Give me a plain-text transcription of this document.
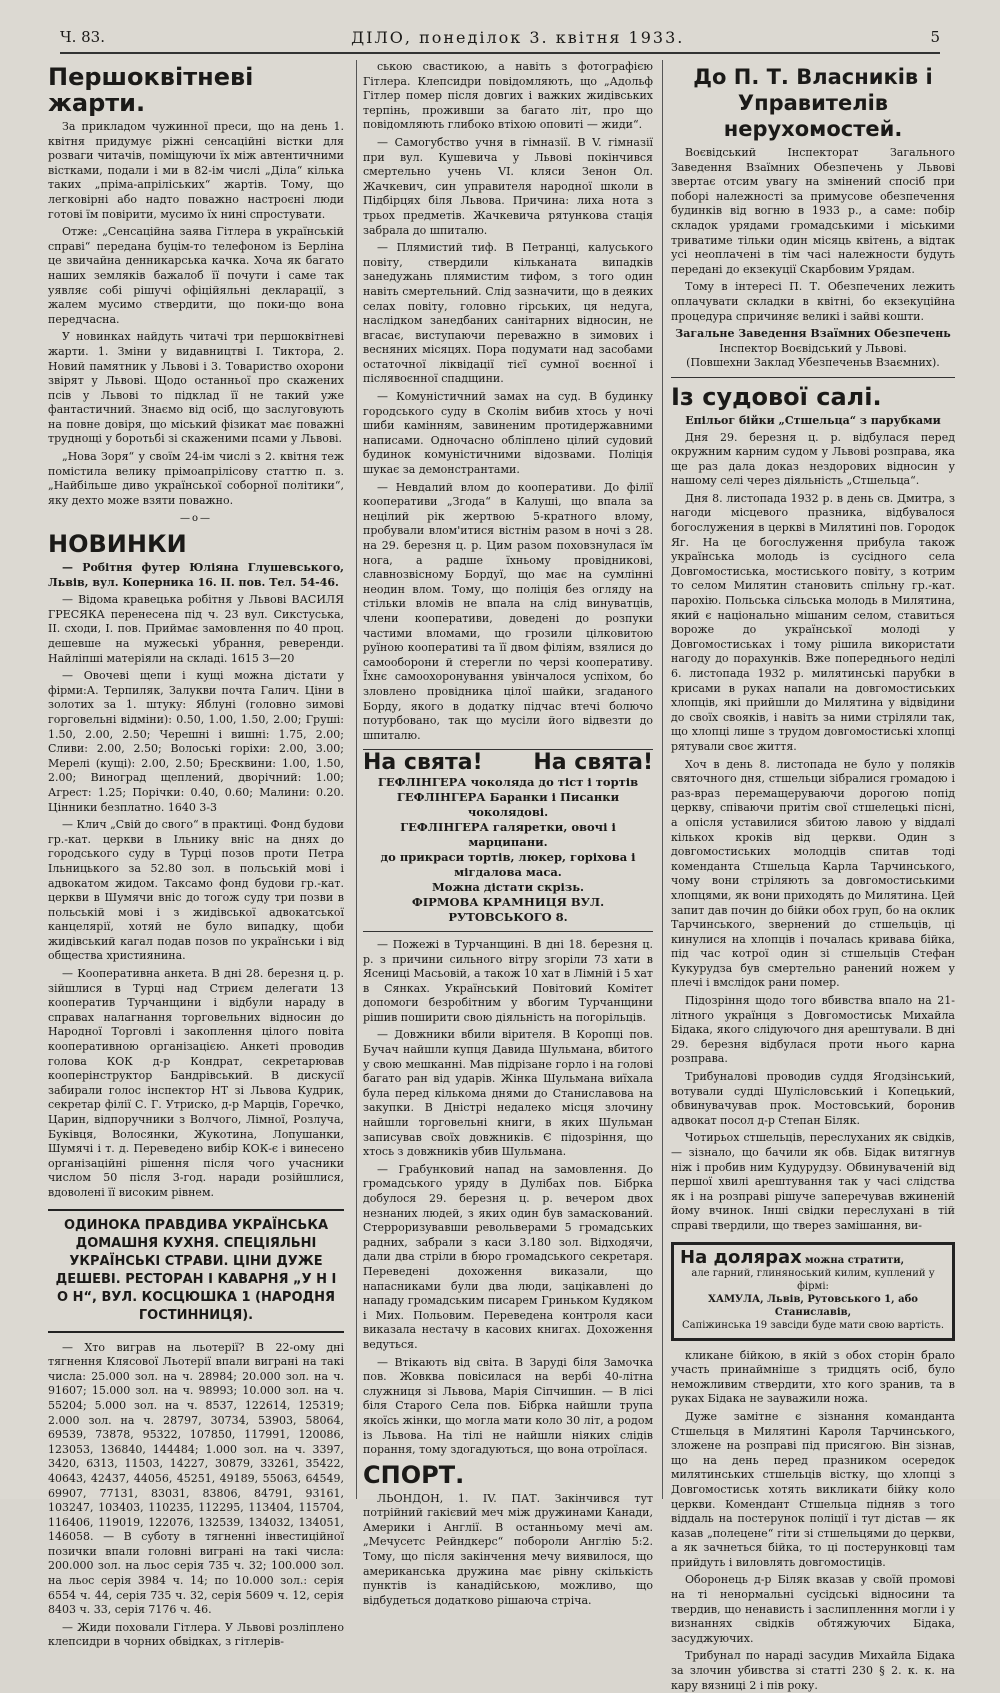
Ч. 83.	ДІЛО, понеділок 3. квітня 1933.	5
Першоквітневі жарти.

За прикладом чужинної преси, що на день 1. квітня придумує ріжні сенсаційні вістки для розваги читачів, поміщуючи їх між автентичними вістками, подали і ми в 82-ім числі „Діла“ кілька таких „пріма-апріліських“ жартів. Тому, що легковірні або надто поважно настроєні люди готові їм повірити, мусимо їх нині спростувати.

Отже: „Сенсаційна заява Гітлера в українській справі“ передана буцім-то телефоном із Берліна це звичайна денникарська качка. Хоча як багато наших земляків бажалоб її почути і саме так уявляє собі рішучі офіційяльні декларації, з жалем мусимо ствердити, що поки-що вона передчасна.

У новинках найдуть читачі три першоквітневі жарти. 1. Зміни у видавництві І. Тиктора, 2. Новий памятник у Львові і 3. Товариство охорони звірят у Львові. Щодо останньої про скажених псів у Львові то підклад її не такий уже фантастичний. Знаємо від осіб, що заслуговують на повне довіря, що міський фізикат має поважні труднощі у боротьбі зі скаженими псами у Львові.

„Нова Зоря“ у своїм 24-ім числі з 2. квітня теж помістила велику прімоапрілісову статтю п. з. „Найбільше диво української соборної політики“, яку дехто може взяти поважно.

—o—
НОВИНКИ

— Робітня футер Юліяна Глушевського, Львів, вул. Коперника 16. II. пов. Тел. 54-46.

— Відома кравецька робітня у Львові ВАСИЛЯ ГРЕСЯКА перенесена під ч. 23 вул. Сикстуська, ІІ. сходи, І. пов. Приймає замовлення по 40 проц. дешевше на мужеські убрання, реверенди. Найліпші матеріяли на складі. 1615 3—20

— Овочеві щепи і кущі можна дістати у фірми:А. Терпиляк, Залукви почта Галич. Ціни в золотих за 1. штуку: Яблуні (головно зимові горговельні відміни): 0.50, 1.00, 1.50, 2.00; Груші: 1.50, 2.00, 2.50; Черешні і вишні: 1.75, 2.00; Сливи: 2.00, 2.50; Волоські горіхи: 2.00, 3.00; Мерелі (кущі): 2.00, 2.50; Бресквини: 1.00, 1.50, 2.00; Виноград щеплений, дворічний: 1.00; Агрест: 1.25; Порічки: 0.40, 0.60; Малини: 0.20. Цінники безплатно. 1640 3-3

— Клич „Свій до свого“ в практиці. Фонд будови гр.-кат. церкви в Ільнику вніс на днях до городського суду в Турці позов проти Петра Ільницького за 52.80 зол. в польській мові і адвокатом жидом. Таксамо фонд будови гр.-кат. церкви в Шумячи вніс до тогож суду три позви в польській мові і з жидівської адвокатської канцелярії, хотяй не було випадку, щоби жидівський кагал подав позов по українськи і від общества християнина.

— Кооперативна анкета. В дні 28. березня ц. р. зійшлися в Турці над Стриєм делегати 13 кооператив Турчанщини і відбули нараду в справах налагнання торговельних відносин до Народної Торговлі і закоплення цілого повіта кооперативною організацією. Анкеті проводив голова КОК д-р Кондрат, секретарював кооперінструктор Бандрівський. В дискусії забирали голос інспектор НТ зі Львова Кудрик, секретар філії С. Г. Утриско, д-р Марців, Горечко, Царин, відпоручники з Волчого, Лімної, Розлуча, Буківця, Волосянки, Жукотина, Лопушанки, Шумячі і т. д. Переведено вибір КОК-є і винесено організаційні рішення після чого учасники числом 50 після 3-год. наради розійшлися, вдоволені її високим рівнем.

ОДИНОКА ПРАВДИВА УКРАЇНСЬКА ДОМАШНЯ КУХНЯ. СПЕЦІЯЛЬНІ УКРАЇНСЬКІ СТРАВИ. ЦІНИ ДУЖЕ ДЕШЕВІ. РЕСТОРАН І КАВАРНЯ „У Н І О Н“, ВУЛ. КОСЦЮШКА 1 (НАРОДНЯ ГОСТИННИЦЯ).

— Хто виграв на льотерії? В 22-ому дні тягнення Клясової Льотерії впали виграні на такі числа: 25.000 зол. на ч. 28984; 20.000 зол. на ч. 91607; 15.000 зол. на ч. 98993; 10.000 зол. на ч. 55204; 5.000 зол. на ч. 8537, 122614, 125319; 2.000 зол. на ч. 28797, 30734, 53903, 58064, 69539, 73878, 95322, 107850, 117991, 120086, 123053, 136840, 144484; 1.000 зол. на ч. 3397, 3420, 6313, 11503, 14227, 30879, 33261, 35422, 40643, 42437, 44056, 45251, 49189, 55063, 64549, 69907, 77131, 83031, 83806, 84791, 93161, 103247, 103403, 110235, 112295, 113404, 115704, 116406, 119019, 122076, 132539, 134032, 134051, 146058. — В суботу в тягненні інвестиційної позички впали головні виграні на такі числа: 200.000 зол. на льос серія 735 ч. 32; 100.000 зол. на льос серія 3984 ч. 14; по 10.000 зол.: серія 6554 ч. 44, серія 735 ч. 32, серія 5609 ч. 12, серія 8403 ч. 33, серія 7176 ч. 46.

— Жиди поховали Гітлера. У Львові розліплено клепсидри в чорних обвідках, з гітлерів-

ською свастикою, а навіть з фотографією Гітлера. Клепсидри повідомляють, що „Адольф Гітлер помер після довгих і важких жидівських терпінь, проживши за багато літ, про що повідомляють глибоко втіхою оповиті — жиди“.

— Самогубство учня в гімназії. В V. гімназії при вул. Кушевича у Львові покінчився смертельно учень VI. кляси Зенон Ол. Жачкевич, син управителя народної школи в Підбірцях біля Львова. Причина: лиха нота з трьох предметів. Жачкевича рятункова стація забрала до шпиталю.

— Плямистий тиф. В Петранці, калуського повіту, ствердили кільканата випадків занедужань плямистим тифом, з того один навіть смертельний. Слід зазначити, що в деяких селах повіту, головно гірських, ця недуга, наслідком занедбаних санітарних відносин, не вгасає, виступаючи переважно в зимових і весняних місяцях. Пора подумати над засобами остаточної ліквідації тієї сумної воєнної і післявоєнної спадщини.

— Комуністичний замах на суд. В будинку городського суду в Сколім вибив хтось у ночі шиби камінням, завиненим протидержавними написами. Одночасно обліплено цілий судовий будинок комуністичними відозвами. Поліція шукає за демонстрантами.

— Невдалий влом до кооперативи. До філії кооперативи „Згода“ в Калуші, що впала за нецілий рік жертвою 5-кратного влому, пробували влом'итися вістнім разом в ночі з 28. на 29. березня ц. р. Цим разом поховзнулася їм нога, а радше їхньому провідникові, славнозвісному Бордуї, що має на сумлінні неодин влом. Тому, що поліція без огляду на стільки вломів не впала на слід винуватців, члени кооперативи, доведені до розпуки частими вломами, що грозили цілковитою руїною кооперативі та її двом філіям, взялися до самооборони й стерегли по черзі кооперативу. Їхнє самоохоронування увінчалося успіхом, бо зловлено провідника цілої шайки, згаданого Борду, якого в додатку підчас втечі болючо потурбовано, так що мусіли його відвезти до шпиталю.

На свята! На свята!
ГЕФЛІНГЕРА чоколяда до тіст і тортів
ГЕФЛІНГЕРА Баранки і Писанки чоколядові.
ГЕФЛІНГЕРА галяретки, овочі і марципани.
до прикраси тортів, люкер, горіхова і мігдалова маса.
Можна дістати скрізь.
ФІРМОВА КРАМНИЦЯ ВУЛ. РУТОВСЬКОГО 8.

— Пожежі в Турчанщині. В дні 18. березня ц. р. з причини сильного вітру згоріли 73 хати в Ясениці Масьовій, а також 10 хат в Лімній і 5 хат в Сянках. Український Повітовий Комітет допомоги безробітним у вбогим Турчанщини рішив поширити свою діяльність на погорільців.

— Довжники вбили вірителя. В Коропці пов. Бучач найшли купця Давида Шульмана, вбитого у свою мешканні. Мав підрізане горло і на голові багато ран від ударів. Жінка Шульмана виїхала була перед кількома днями до Станиславова на закупки. В Дністрі недалеко місця злочину найшли торговельні книги, в яких Шульман записував своїх довжників. Є підозріння, що хтось з довжників убив Шульмана.

— Грабунковий напад на замовлення. До громадського уряду в Дулібах пов. Бібрка добулося 29. березня ц. р. вечером двох незнаних людей, з яких один був замаскований. Стерроризувавши револьверами 5 громадських радних, забрали з каси 3.180 зол. Відходячи, дали два стріли в бюро громадського секретаря. Переведені дохоження виказали, що напасниками були два люди, зацікавлені до нападу громадським писарем Гриньком Кудяком і Мих. Польовим. Переведена контроля каси виказала нестачу в касових книгах. Дохоження ведуться.

— Втікають від світа. В Заруді біля Замочка пов. Жовква повісилася на вербі 40-літна служниця зі Львова, Марія Сіпчишин. — В лісі біля Старого Села пов. Бібрка найшли трупа якоїсь жінки, що могла мати коло 30 літ, а родом із Львова. На тілі не найшли ніяких слідів порання, тому здогадуються, що вона отроїлася.

СПОРТ.

ЛЬОНДОН, 1. IV. ПАТ. Закінчився тут потрійний гакієвий меч між дружинами Канади, Америки і Англії. В останньому мечі ам. „Мечусетс Рейндкерс“ побороли Англію 5:2. Тому, що після закінчення мечу виявилося, що американська дружина має рівну скількість пунктів із канадійською, можливо, що відбудеться додатково рішаюча стріча.

До П. Т. Власників і Управителів нерухомостей.

Воєвідський Інспекторат Загального Заведення Взаїмних Обезпечень у Львові звертає отсим увагу на змінений спосіб при поборі належності за примусове обезпечення будинків від вогню в 1933 р., а саме: побір складок урядами громадськими і міськими триватиме тільки один місяць квітень, а відтак усі неоплачені в тім часі належности будуть переданi до екзекуції Скарбовим Урядам.

Тому в інтересі П. Т. Обезпечених лежить оплачувати складки в квітні, бо екзекуційна процедура спричиняє великі і зайві кошти.

Загальне Заведення Взаїмних Обезпечень
Інспектор Воєвідський у Львові.
(Повшехни Заклад Убезпеченьв Взаємних).
Із судової салі.
Епільог бійки „Стшельца“ з парубками

Дня 29. березня ц. р. відбулася перед окружним карним судом у Львові розправа, яка ще раз дала доказ нездорових відносин у нашому селі через діяльність „Стшельца“.

Дня 8. листопада 1932 р. в день св. Дмитра, з нагоди місцевого празника, відбувалося богослужения в церкві в Милятині пов. Городок Яг. На це богослуження прибула також українська молодь із сусідного села Довгомостиська, мостиського повіту, з котрим то селом Милятин становить спільну гр.-кат. парохію. Польська сільська молодь в Милятина, який є національно мішаним селом, ставиться вороже до української молоді у Довгомостиськах і тому рішила використати нагоду до порахунків. Вже попереднього неділі 6. листопада 1932 р. милятинські парубки в крисами в руках напали на довгомостиських хлопців, які прийшли до Милятина у відвідини до своїх свояків, і навіть за ними стріляли так, що хлопці лише з трудом довгомостиські хлопці рятували своє життя.

Хоч в день 8. листопада не було у поляків святочного дня, стшельци зібралися громадою і раз-враз перемащеруваючи дорогою попід церкву, співаючи притім свої стшелецькі пісні, а опісля уставилися збитою лавою у віддалі кількох кроків від церкви. Один з довгомостиських молодців спитав тоді коменданта Стшельца Карла Тарчинського, чому вони стріляють за довгомостиськими хлопцями, як вони приходять до Милятина. Цей запит дав почин до бійки обох груп, бо на оклик Тарчинського, звернений до стшельців, ці кинулися на хлопців і почалась кривава бійка, під час котрої один зі стшельців Стефан Кукурудза був смертельно ранений ножем у плечі і вмслідок рани помер.

Підозріння щодо того вбивства впало на 21-літного українця з Довгомостиськ Михайла Бідака, якого слідуючого дня арештували. В дні 29. березня відбулася проти нього карна розправа.

Трибуналові проводив суддя Ягодзінський, вотували судді Шулісловський і Копецький, обвинувачував прок. Мостовський, боронив адвокат посол д-р Степан Біляк.

Чотирьох стшельців, переслуханих як свідків, — зізнало, що бачили як обв. Бідак витягнув ніж і пробив ним Кудурудзу. Обвинуваченій від першої хвилі арештування так у часі слідства як і на розправі рішуче заперечував вжиненій йому вчинок. Інші свідки переслухані в тій справі твердили, що тверез замішання, ви-

На долярах можна стратити,
але гарний, глиняноський килим, куплений у фірмі:
ХАМУЛА, Львів, Рутовського 1, або Станиславів,
Сапіжинська 19 завсіди буде мати свою вартість.

кликане бійкою, в якій з обох сторін брало участь принаймніше з тридцять осіб, було неможливим ствердити, хто кого зранив, та в руках Бідака не зауважили ножа.

Дуже замітне є зізнання команданта Стшельця в Милятині Кароля Тарчинського, зложене на розправі під присягою. Він зізнав, що на день перед празником осередок милятинських стшельців вістку, що хлопці з Довгомостиськ хотять викликати бійку коло церкви. Комендант Стшельца підняв з того віддаль на постерунок поліції і тут дістав — як казав „полецене“ гіти зі стшельцями до церкви, а як зачнеться бійка, то ці постерунковці там прийдуть і виловлять довгомостиців.

Оборонець д-р Біляк вказав у своїй промові на ті ненормальні сусідські відносини та твердив, що ненависть і заслипленння могли і у визнаннях свідків обтяжуючих Бідака, засуджуючих.

Трибунал по нараді засудив Михайла Бідака за злочин убивства зі статті 230 § 2. к. к. на кару вязниці 2 і пів року.
